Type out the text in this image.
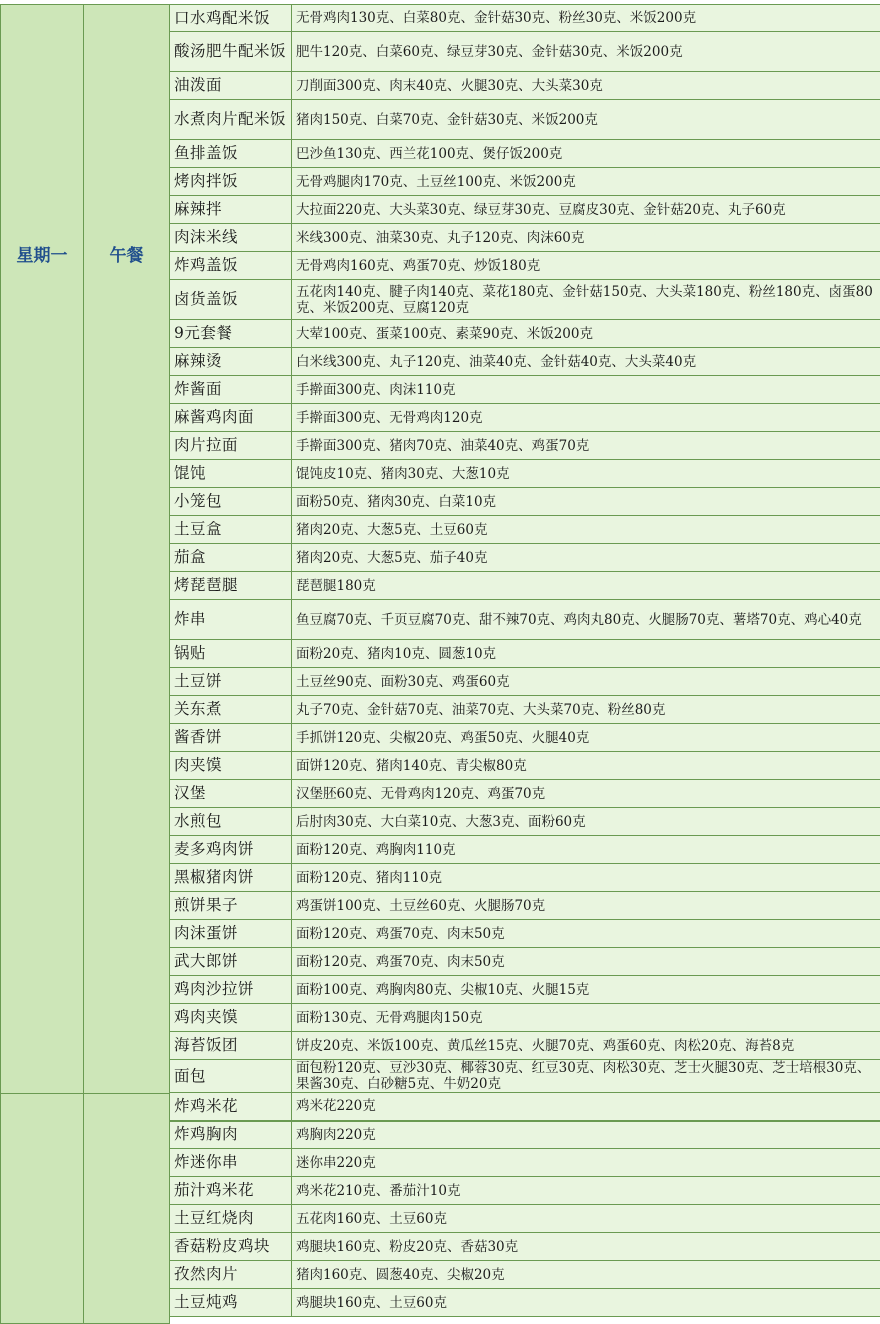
星期一	午餐
口水鸡配米饭	无骨鸡肉130克、白菜80克、金针菇30克、粉丝30克、米饭200克
酸汤肥牛配米饭	肥牛120克、白菜60克、绿豆芽30克、金针菇30克、米饭200克
油泼面	刀削面300克、肉末40克、火腿30克、大头菜30克
水煮肉片配米饭	猪肉150克、白菜70克、金针菇30克、米饭200克
鱼排盖饭	巴沙鱼130克、西兰花100克、煲仔饭200克
烤肉拌饭	无骨鸡腿肉170克、土豆丝100克、米饭200克
麻辣拌	大拉面220克、大头菜30克、绿豆芽30克、豆腐皮30克、金针菇20克、丸子60克
肉沫米线	米线300克、油菜30克、丸子120克、肉沫60克
炸鸡盖饭	无骨鸡肉160克、鸡蛋70克、炒饭180克
卤货盖饭	五花肉140克、腱子肉140克、菜花180克、金针菇150克、大头菜180克、粉丝180克、卤蛋80克、米饭200克、豆腐120克
9元套餐	大荤100克、蛋菜100克、素菜90克、米饭200克
麻辣烫	白米线300克、丸子120克、油菜40克、金针菇40克、大头菜40克
炸酱面	手擀面300克、肉沫110克
麻酱鸡肉面	手擀面300克、无骨鸡肉120克
肉片拉面	手擀面300克、猪肉70克、油菜40克、鸡蛋70克
馄饨	馄饨皮10克、猪肉30克、大葱10克
小笼包	面粉50克、猪肉30克、白菜10克
土豆盒	猪肉20克、大葱5克、土豆60克
茄盒	猪肉20克、大葱5克、茄子40克
烤琵琶腿	琵琶腿180克
炸串	鱼豆腐70克、千页豆腐70克、甜不辣70克、鸡肉丸80克、火腿肠70克、薯塔70克、鸡心40克
锅贴	面粉20克、猪肉10克、圆葱10克
土豆饼	土豆丝90克、面粉30克、鸡蛋60克
关东煮	丸子70克、金针菇70克、油菜70克、大头菜70克、粉丝80克
酱香饼	手抓饼120克、尖椒20克、鸡蛋50克、火腿40克
肉夹馍	面饼120克、猪肉140克、青尖椒80克
汉堡	汉堡胚60克、无骨鸡肉120克、鸡蛋70克
水煎包	后肘肉30克、大白菜10克、大葱3克、面粉60克
麦多鸡肉饼	面粉120克、鸡胸肉110克
黑椒猪肉饼	面粉120克、猪肉110克
煎饼果子	鸡蛋饼100克、土豆丝60克、火腿肠70克
肉沫蛋饼	面粉120克、鸡蛋70克、肉末50克
武大郎饼	面粉120克、鸡蛋70克、肉末50克
鸡肉沙拉饼	面粉100克、鸡胸肉80克、尖椒10克、火腿15克
鸡肉夹馍	面粉130克、无骨鸡腿肉150克
海苔饭团	饼皮20克、米饭100克、黄瓜丝15克、火腿70克、鸡蛋60克、肉松20克、海苔8克
面包	面包粉120克、豆沙30克、椰蓉30克、红豆30克、肉松30克、芝士火腿30克、芝士培根30克、果酱30克、白砂糖5克、牛奶20克
炸鸡米花	鸡米花220克
炸鸡胸肉	鸡胸肉220克
炸迷你串	迷你串220克
茄汁鸡米花	鸡米花210克、番茄汁10克
土豆红烧肉	五花肉160克、土豆60克
香菇粉皮鸡块	鸡腿块160克、粉皮20克、香菇30克
孜然肉片	猪肉160克、圆葱40克、尖椒20克
土豆炖鸡	鸡腿块160克、土豆60克
